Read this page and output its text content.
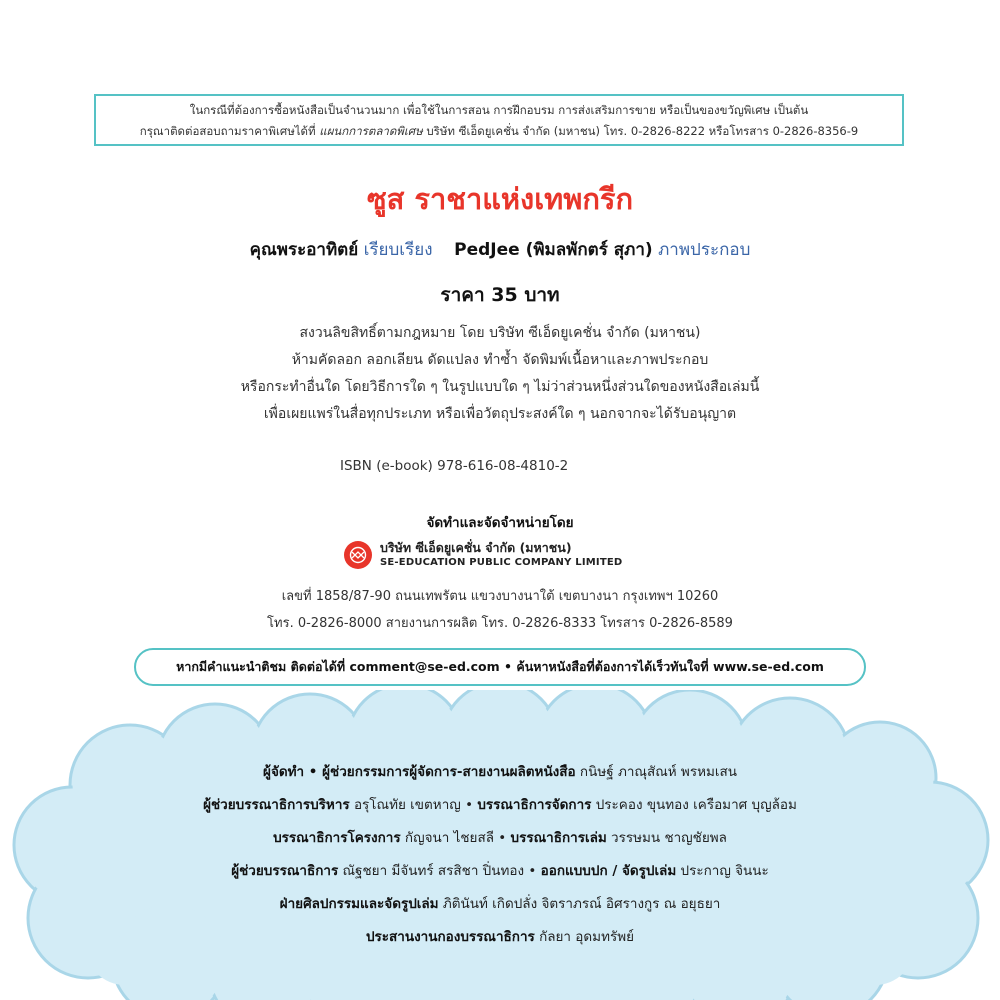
ในกรณีที่ต้องการซื้อหนังสือเป็นจำนวนมาก เพื่อใช้ในการสอน การฝึกอบรม การส่งเสริมการขาย หรือเป็นของขวัญพิเศษ เป็นต้น
กรุณาติดต่อสอบถามราคาพิเศษได้ที่ แผนกการตลาดพิเศษ บริษัท ซีเอ็ดยูเคชั่น จำกัด (มหาชน) โทร. 0-2826-8222 หรือโทรสาร 0-2826-8356-9
ซูส ราชาแห่งเทพกรีก
คุณพระอาทิตย์ เรียบเรียง PedJee (พิมลพักตร์ สุภา) ภาพประกอบ
ราคา 35 บาท
สงวนลิขสิทธิ์ตามกฎหมาย โดย บริษัท ซีเอ็ดยูเคชั่น จำกัด (มหาชน)
ห้ามคัดลอก ลอกเลียน ดัดแปลง ทำซ้ำ จัดพิมพ์เนื้อหาและภาพประกอบ
หรือกระทำอื่นใด โดยวิธีการใด ๆ ในรูปแบบใด ๆ ไม่ว่าส่วนหนึ่งส่วนใดของหนังสือเล่มนี้
เพื่อเผยแพร่ในสื่อทุกประเภท หรือเพื่อวัตถุประสงค์ใด ๆ นอกจากจะได้รับอนุญาต
ISBN (e-book) 978-616-08-4810-2
จัดทำและจัดจำหน่ายโดย
บริษัท ซีเอ็ดยูเคชั่น จำกัด (มหาชน)
SE-EDUCATION PUBLIC COMPANY LIMITED
เลขที่ 1858/87-90 ถนนเทพรัตน แขวงบางนาใต้ เขตบางนา กรุงเทพฯ 10260
โทร. 0-2826-8000 สายงานการผลิต โทร. 0-2826-8333 โทรสาร 0-2826-8589
หากมีคำแนะนำติชม ติดต่อได้ที่ comment@se-ed.com • ค้นหาหนังสือที่ต้องการได้เร็วทันใจที่ www.se-ed.com
ผู้จัดทำ • ผู้ช่วยกรรมการผู้จัดการ-สายงานผลิตหนังสือ กนิษฐ์ ภาณุสัณห์ พรหมเสน
ผู้ช่วยบรรณาธิการบริหาร อรุโณทัย เขตหาญ • บรรณาธิการจัดการ ประคอง ขุนทอง เครือมาศ บุญล้อม
บรรณาธิการโครงการ กัญจนา ไชยสลี • บรรณาธิการเล่ม วรรษมน ชาญชัยพล
ผู้ช่วยบรรณาธิการ ณัฐชยา มีจันทร์ สรสิชา ปิ่นทอง • ออกแบบปก / จัดรูปเล่ม ประกาญ จินนะ
ฝ่ายศิลปกรรมและจัดรูปเล่ม ภิตินันท์ เกิดปลั่ง จิตราภรณ์ อิศรางกูร ณ อยุธยา
ประสานงานกองบรรณาธิการ กัลยา อุดมทรัพย์
